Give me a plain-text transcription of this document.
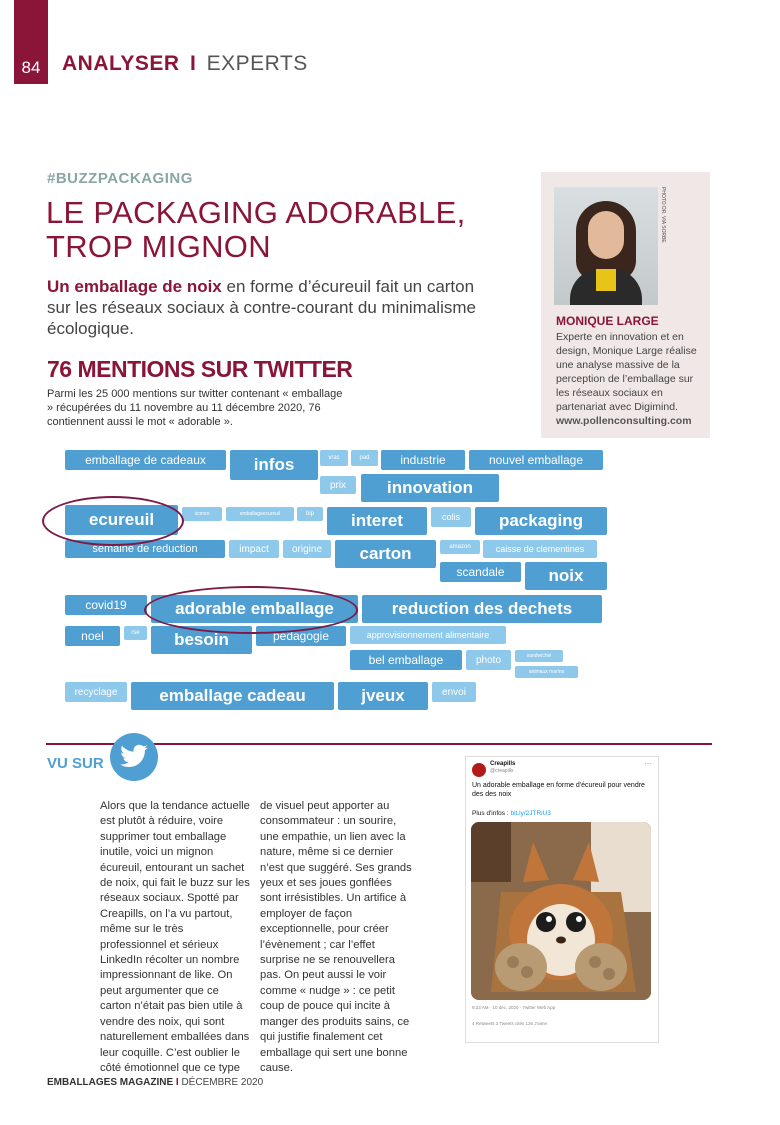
84	ANALYSER I EXPERTS
#BUZZPACKAGING
LE PACKAGING ADORABLE,
TROP MIGNON
Un emballage de noix en forme d’écureuil fait un carton sur les réseaux sociaux à contre-courant du minimalisme écologique.
76 MENTIONS SUR TWITTER
Parmi les 25 000 mentions sur twitter contenant « emballage » récupérées du 11 novembre au 11 décembre 2020, 76 contiennent aussi le mot « adorable ».
PHOTO DR. VIA SORBE
MONIQUE LARGE
Experte en innovation et en design, Monique Large réalise une analyse massive de la perception de l’emballage sur les réseaux sociaux en partenariat avec Digimind.
www.pollenconsulting.com
emballage de cadeaux	infos	vrac	pad	industrie	nouvel emballage
prix	innovation
ecureuil	iconoo	emballageecureuil	bip	interet	colis	packaging
semaine de reduction	impact	origine	carton	amazon	caisse de clementines
scandale	noix
covid19	adorable emballage	reduction des dechets
noel	rse	besoin	pedagogie	approvisionnement alimentaire
bel emballage	photo	sandwichel
animaux marins
recyclage	emballage cadeau	jveux	envoi
VU SUR
Alors que la tendance actuelle est plutôt à réduire, voire supprimer tout emballage inutile, voici un mignon écureuil, entourant un sachet de noix, qui fait le buzz sur les réseaux sociaux. Spotté par Creapills, on l’a vu partout, même sur le très professionnel et sérieux LinkedIn récolter un nombre impressionnant de like. On peut argumenter que ce carton n’était pas bien utile à vendre des noix, qui sont naturellement emballées dans leur coquille. C’est oublier le côté émotionnel que ce type
de visuel peut apporter au consommateur : un sourire, une empathie, un lien avec la nature, même si ce dernier n’est que suggéré. Ses grands yeux et ses joues gonflées sont irrésistibles. Un artifice à employer de façon exceptionnelle, pour créer l’évènement ; car l’effet surprise ne se renouvellera pas. On peut aussi le voir comme « nudge » : ce petit coup de pouce qui incite à manger des produits sains, ce qui justifie finalement cet emballage qui sert une bonne cause.
Creapills
@creapills
···
Un adorable emballage en forme d'écureuil pour vendre des des noix
Plus d'infos : bit.ly/2JTRiU3
9:23 AM · 10 déc. 2020 · Twitter Web App
4 Retweets 3 Tweets cités 126 J'aime
EMBALLAGES MAGAZINE I DÉCEMBRE 2020
